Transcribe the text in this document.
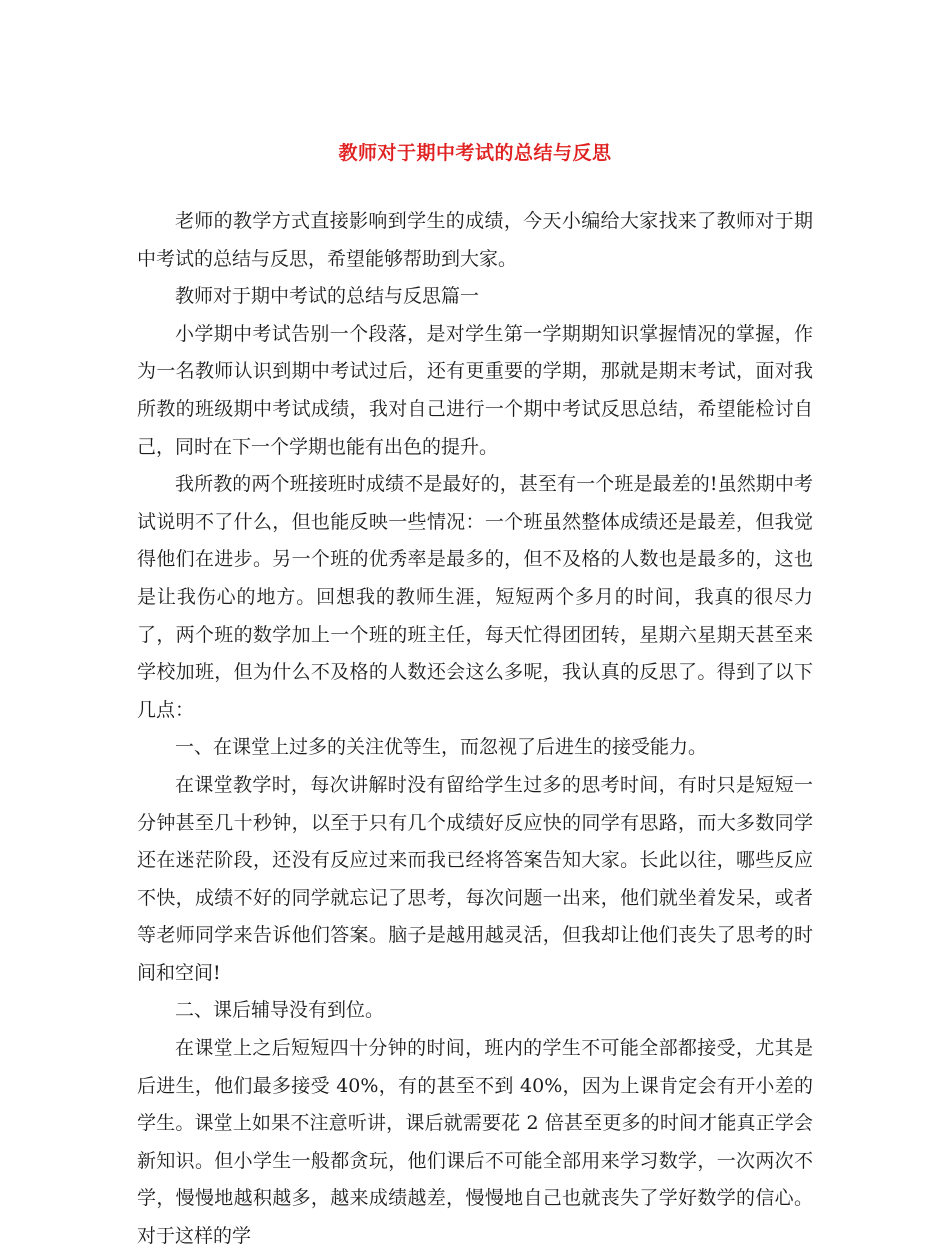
教师对于期中考试的总结与反思

老师的教学方式直接影响到学生的成绩，今天小编给大家找来了教师对于期中考试的总结与反思，希望能够帮助到大家。

教师对于期中考试的总结与反思篇一

小学期中考试告别一个段落，是对学生第一学期期知识掌握情况的掌握，作为一名教师认识到期中考试过后，还有更重要的学期，那就是期末考试，面对我所教的班级期中考试成绩，我对自己进行一个期中考试反思总结，希望能检讨自己，同时在下一个学期也能有出色的提升。

我所教的两个班接班时成绩不是最好的，甚至有一个班是最差的!虽然期中考试说明不了什么，但也能反映一些情况：一个班虽然整体成绩还是最差，但我觉得他们在进步。另一个班的优秀率是最多的，但不及格的人数也是最多的，这也是让我伤心的地方。回想我的教师生涯，短短两个多月的时间，我真的很尽力了，两个班的数学加上一个班的班主任，每天忙得团团转，星期六星期天甚至来学校加班，但为什么不及格的人数还会这么多呢，我认真的反思了。得到了以下几点：

一、在课堂上过多的关注优等生，而忽视了后进生的接受能力。

在课堂教学时，每次讲解时没有留给学生过多的思考时间，有时只是短短一分钟甚至几十秒钟，以至于只有几个成绩好反应快的同学有思路，而大多数同学还在迷茫阶段，还没有反应过来而我已经将答案告知大家。长此以往，哪些反应不快，成绩不好的同学就忘记了思考，每次问题一出来，他们就坐着发呆，或者等老师同学来告诉他们答案。脑子是越用越灵活，但我却让他们丧失了思考的时间和空间!

二、课后辅导没有到位。

在课堂上之后短短四十分钟的时间，班内的学生不可能全部都接受，尤其是后进生，他们最多接受 40%，有的甚至不到 40%，因为上课肯定会有开小差的学生。课堂上如果不注意听讲，课后就需要花 2 倍甚至更多的时间才能真正学会新知识。但小学生一般都贪玩，他们课后不可能全部用来学习数学，一次两次不学，慢慢地越积越多，越来成绩越差，慢慢地自己也就丧失了学好数学的信心。对于这样的学
